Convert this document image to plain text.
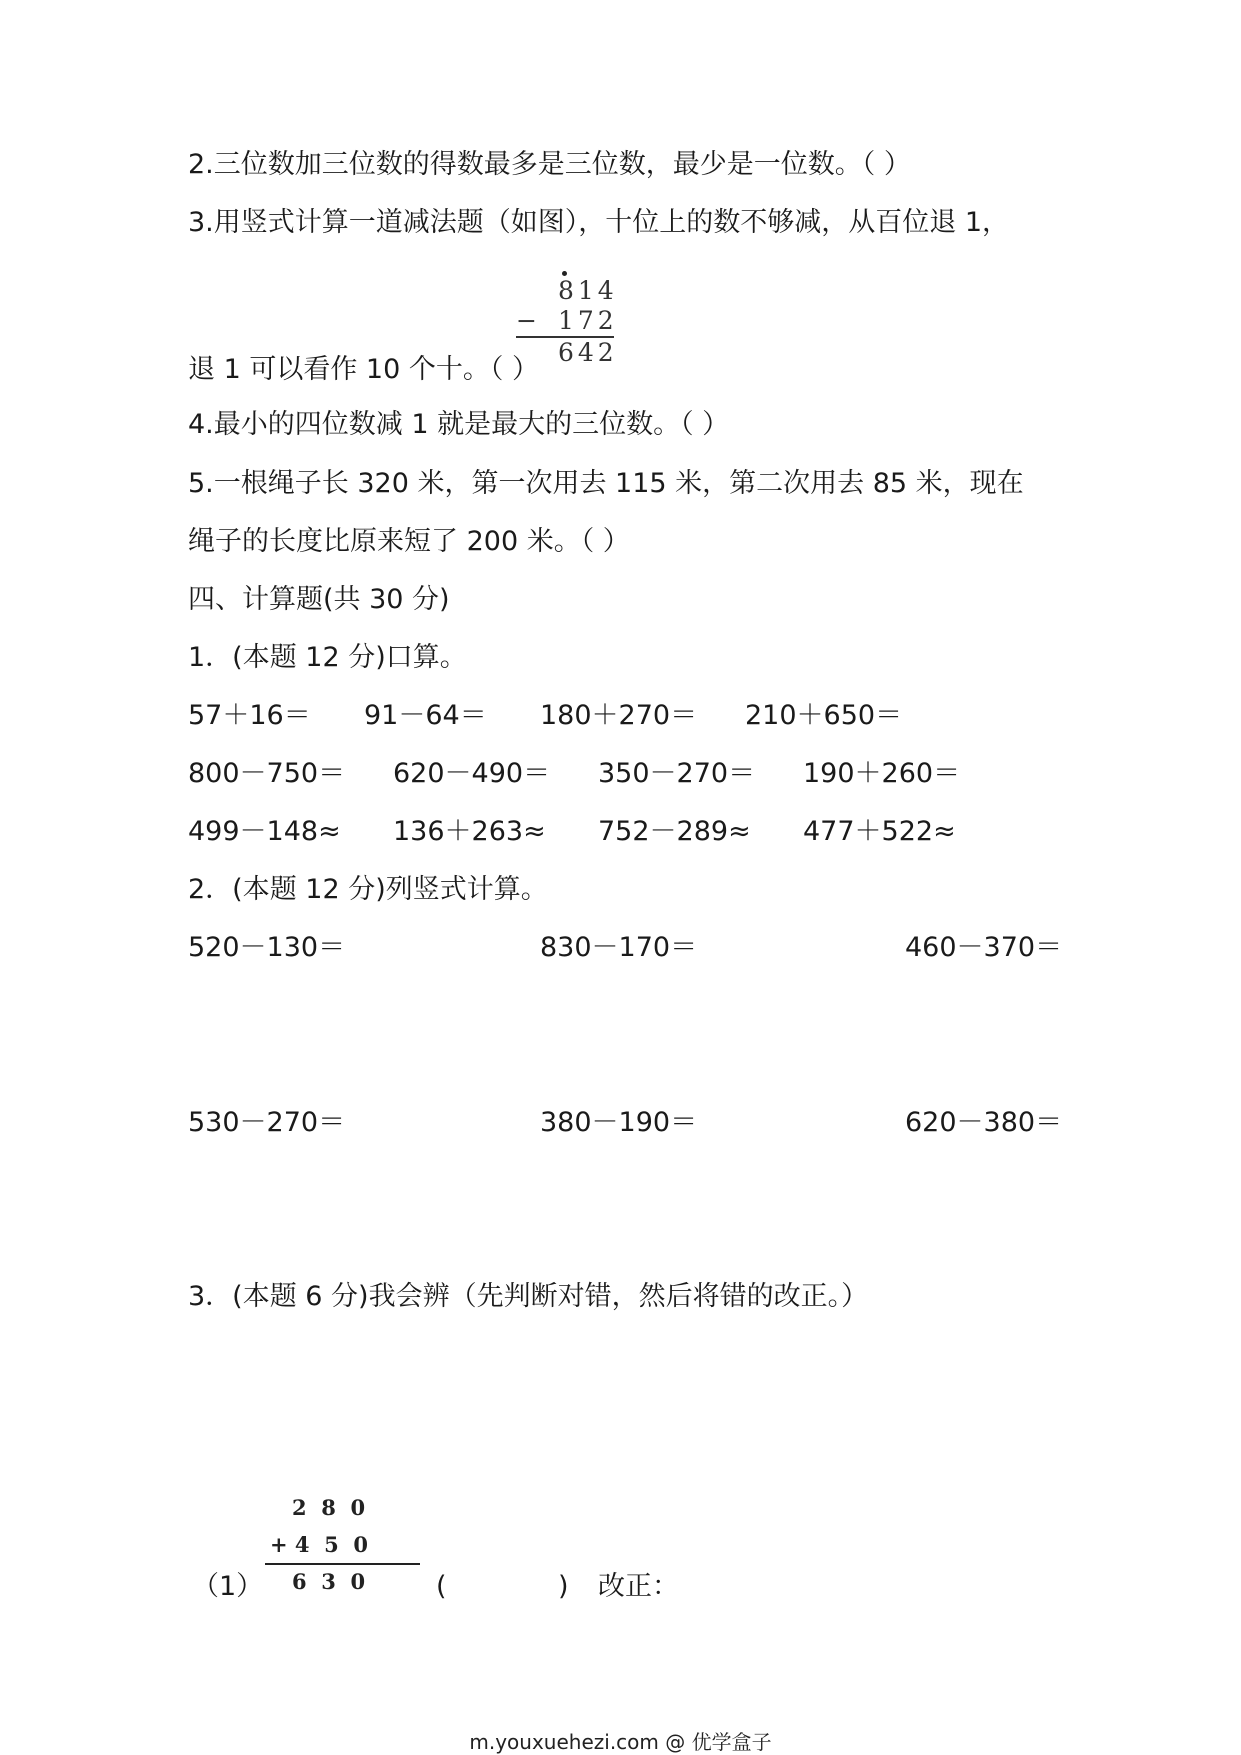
2.三位数加三位数的得数最多是三位数，最少是一位数。（ ）
3.用竖式计算一道减法题（如图），十位上的数不够减，从百位退 1，
814
− 172
642
退 1 可以看作 10 个十。（ ）
4.最小的四位数减 1 就是最大的三位数。（ ）
5.一根绳子长 320 米，第一次用去 115 米，第二次用去 85 米，现在
绳子的长度比原来短了 200 米。（ ）
四、计算题(共 30 分)
1．(本题 12 分)口算。
57＋16＝ 91－64＝ 180＋270＝ 210＋650＝
800－750＝ 620－490＝ 350－270＝ 190＋260＝
499－148≈ 136＋263≈ 752－289≈ 477＋522≈
2．(本题 12 分)列竖式计算。
520－130＝	830－170＝	460－370＝
530－270＝	380－190＝	620－380＝
3．(本题 6 分)我会辨（先判断对错，然后将错的改正。）
（1）
2  8  0
+ 4  5  0
6  3  0	(	) 改正：
m.youxuehezi.com @ 优学盒子
